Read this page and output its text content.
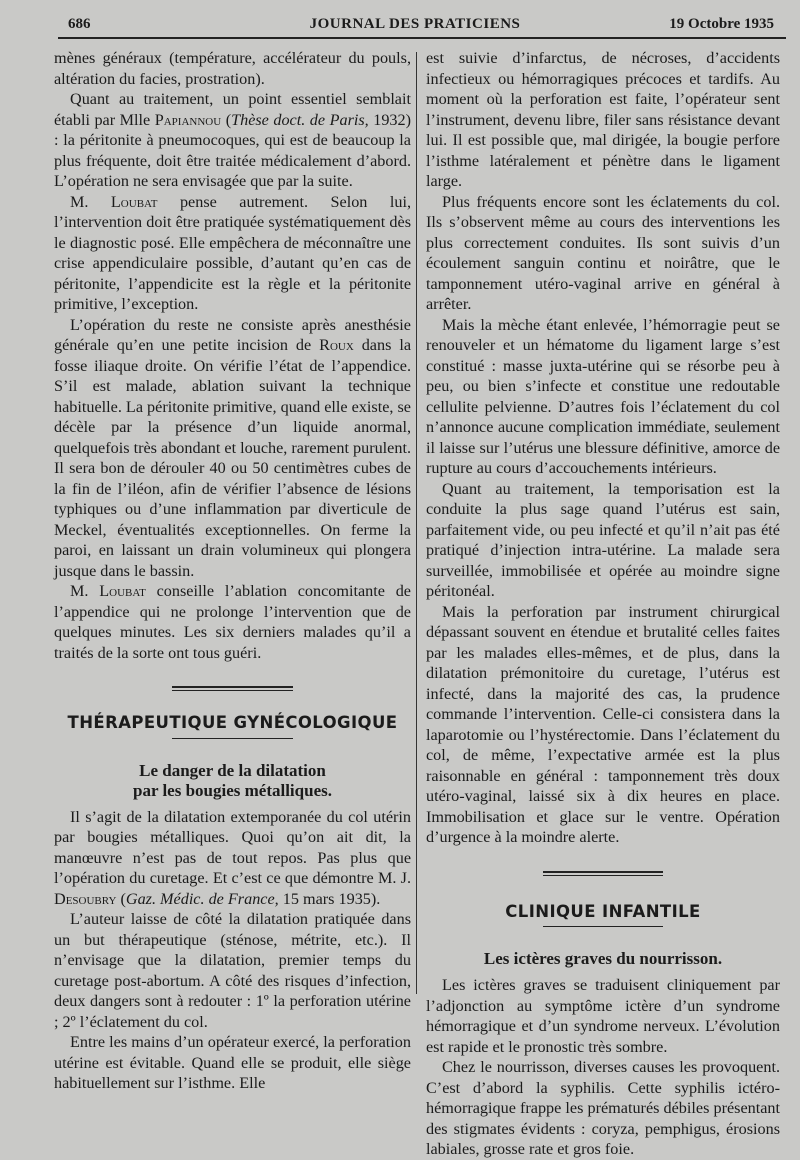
686	JOURNAL DES PRATICIENS	19 Octobre 1935

mènes généraux (température, accélérateur du pouls, altération du facies, prostration).

Quant au traitement, un point essentiel semblait établi par Mlle Papiannou (Thèse doct. de Paris, 1932) : la péritonite à pneumocoques, qui est de beaucoup la plus fréquente, doit être traitée médicalement d’abord. L’opération ne sera envisagée que par la suite.

M. Loubat pense autrement. Selon lui, l’intervention doit être pratiquée systématiquement dès le diagnostic posé. Elle empêchera de méconnaître une crise appendiculaire possible, d’autant qu’en cas de péritonite, l’appendicite est la règle et la péritonite primitive, l’exception.

L’opération du reste ne consiste après anesthésie générale qu’en une petite incision de Roux dans la fosse iliaque droite. On vérifie l’état de l’appendice. S’il est malade, ablation suivant la technique habituelle. La péritonite primitive, quand elle existe, se décèle par la présence d’un liquide anormal, quelquefois très abondant et louche, rarement purulent. Il sera bon de dérouler 40 ou 50 centimètres cubes de la fin de l’iléon, afin de vérifier l’absence de lésions typhiques ou d’une inflammation par diverticule de Meckel, éventualités exceptionnelles. On ferme la paroi, en laissant un drain volumineux qui plongera jusque dans le bassin.

M. Loubat conseille l’ablation concomitante de l’appendice qui ne prolonge l’intervention que de quelques minutes. Les six derniers malades qu’il a traités de la sorte ont tous guéri.

THÉRAPEUTIQUE GYNÉCOLOGIQUE
Le danger de la dilatation
par les bougies métalliques.

Il s’agit de la dilatation extemporanée du col utérin par bougies métalliques. Quoi qu’on ait dit, la manœuvre n’est pas de tout repos. Pas plus que l’opération du curetage. Et c’est ce que démontre M. J. Desoubry (Gaz. Médic. de France, 15 mars 1935).

L’auteur laisse de côté la dilatation pratiquée dans un but thérapeutique (sténose, métrite, etc.). Il n’envisage que la dilatation, premier temps du curetage post-abortum. A côté des risques d’infection, deux dangers sont à redouter : 1º la perforation utérine ; 2º l’éclatement du col.

Entre les mains d’un opérateur exercé, la perforation utérine est évitable. Quand elle se produit, elle siège habituellement sur l’isthme. Elle

est suivie d’infarctus, de nécroses, d’accidents infectieux ou hémorragiques précoces et tardifs. Au moment où la perforation est faite, l’opérateur sent l’instrument, devenu libre, filer sans résistance devant lui. Il est possible que, mal dirigée, la bougie perfore l’isthme latéralement et pénètre dans le ligament large.

Plus fréquents encore sont les éclatements du col. Ils s’observent même au cours des interventions les plus correctement conduites. Ils sont suivis d’un écoulement sanguin continu et noirâtre, que le tamponnement utéro-vaginal arrive en général à arrêter.

Mais la mèche étant enlevée, l’hémorragie peut se renouveler et un hématome du ligament large s’est constitué : masse juxta-utérine qui se résorbe peu à peu, ou bien s’infecte et constitue une redoutable cellulite pelvienne. D’autres fois l’éclatement du col n’annonce aucune complication immédiate, seulement il laisse sur l’utérus une blessure définitive, amorce de rupture au cours d’accouchements intérieurs.

Quant au traitement, la temporisation est la conduite la plus sage quand l’utérus est sain, parfaitement vide, ou peu infecté et qu’il n’ait pas été pratiqué d’injection intra-utérine. La malade sera surveillée, immobilisée et opérée au moindre signe péritonéal.

Mais la perforation par instrument chirurgical dépassant souvent en étendue et brutalité celles faites par les malades elles-mêmes, et de plus, dans la dilatation prémonitoire du curetage, l’utérus est infecté, dans la majorité des cas, la prudence commande l’intervention. Celle-ci consistera dans la laparotomie ou l’hystérectomie. Dans l’éclatement du col, de même, l’expectative armée est la plus raisonnable en général : tamponnement très doux utéro-vaginal, laissé six à dix heures en place. Immobilisation et glace sur le ventre. Opération d’urgence à la moindre alerte.

CLINIQUE INFANTILE
Les ictères graves du nourrisson.

Les ictères graves se traduisent cliniquement par l’adjonction au symptôme ictère d’un syndrome hémorragique et d’un syndrome nerveux. L’évolution est rapide et le pronostic très sombre.

Chez le nourrisson, diverses causes les provoquent. C’est d’abord la syphilis. Cette syphilis ictéro-hémorragique frappe les prématurés débiles présentant des stigmates évidents : coryza, pemphigus, érosions labiales, grosse rate et gros foie.
